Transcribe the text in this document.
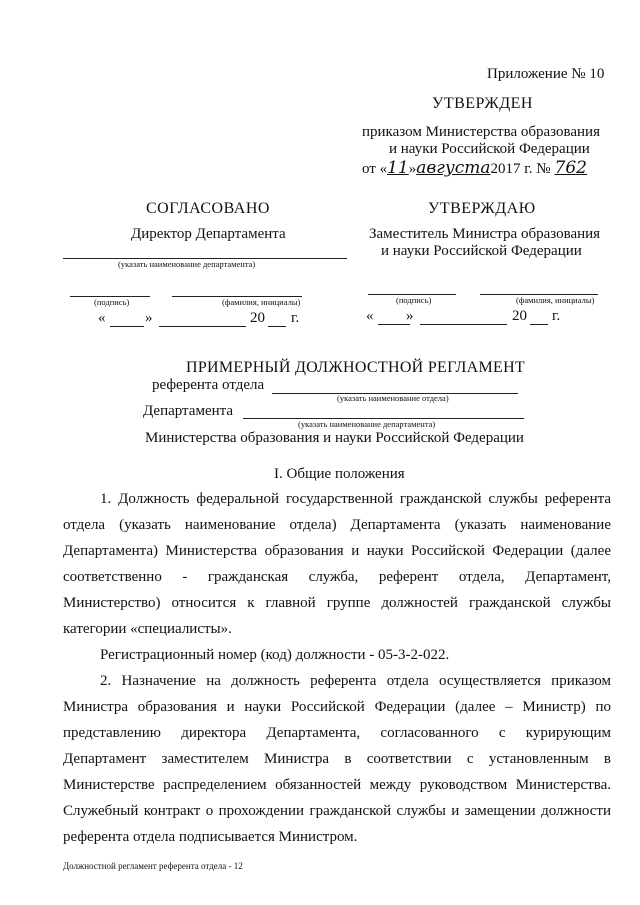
Приложение № 10
УТВЕРЖДЕН
приказом Министерства образования
и науки Российской Федерации
от «11»августа2017 г. № 762
СОГЛАСОВАНО
Директор Департамента
(указать наименование департамента)
(подпись)	(фамилия, инициалы)
«	»	20 г.
УТВЕРЖДАЮ
Заместитель Министра образования
и науки Российской Федерации
(подпись)	(фамилия, инициалы)
« »	20 г.
ПРИМЕРНЫЙ ДОЛЖНОСТНОЙ РЕГЛАМЕНТ
референта отдела
(указать наименование отдела)
Департамента
(указать наименование департамента)
Министерства образования и науки Российской Федерации
I. Общие положения
1. Должность федеральной государственной гражданской службы референта отдела (указать наименование отдела) Департамента (указать наименование Департамента) Министерства образования и науки Российской Федерации (далее соответственно - гражданская служба, референт отдела, Департамент, Министерство) относится к главной группе должностей гражданской службы категории «специалисты».
Регистрационный номер (код) должности - 05-3-2-022.
2. Назначение на должность референта отдела осуществляется приказом Министра образования и науки Российской Федерации (далее – Министр) по представлению директора Департамента, согласованного с курирующим Департамент заместителем Министра в соответствии с установленным в Министерстве распределением обязанностей между руководством Министерства. Служебный контракт о прохождении гражданской службы и замещении должности референта отдела подписывается Министром.
Должностной регламент референта отдела - 12
